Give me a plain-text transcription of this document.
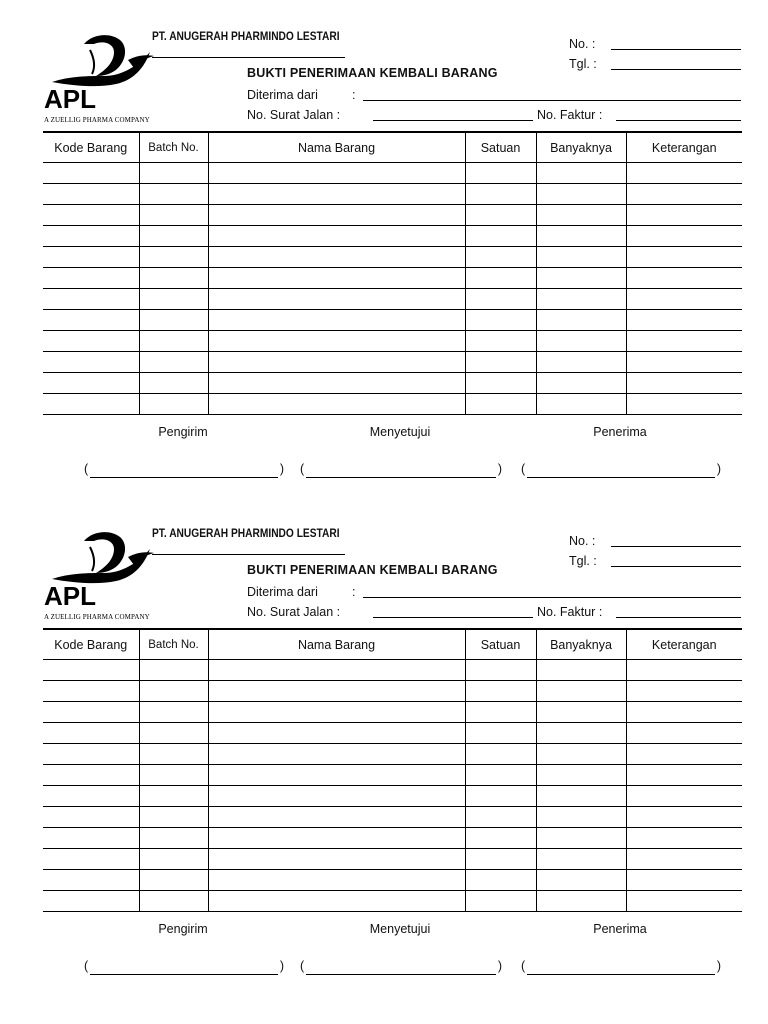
APL
A ZUELLIG PHARMA COMPANY
PT. ANUGERAH PHARMINDO LESTARI
No. :
Tgl. :
BUKTI PENERIMAAN KEMBALI BARANG
Diterima dari	:
No. Surat Jalan :	No. Faktur :
Kode Barang	Batch No.	Nama Barang	Satuan	Banyaknya	Keterangan

Pengirim	Menyetujui	Penerima
(	) (	) (	)
APL
A ZUELLIG PHARMA COMPANY
PT. ANUGERAH PHARMINDO LESTARI
No. :
Tgl. :
BUKTI PENERIMAAN KEMBALI BARANG
Diterima dari	:
No. Surat Jalan :	No. Faktur :
Kode Barang	Batch No.	Nama Barang	Satuan	Banyaknya	Keterangan

Pengirim	Menyetujui	Penerima
(	) (	) (	)
